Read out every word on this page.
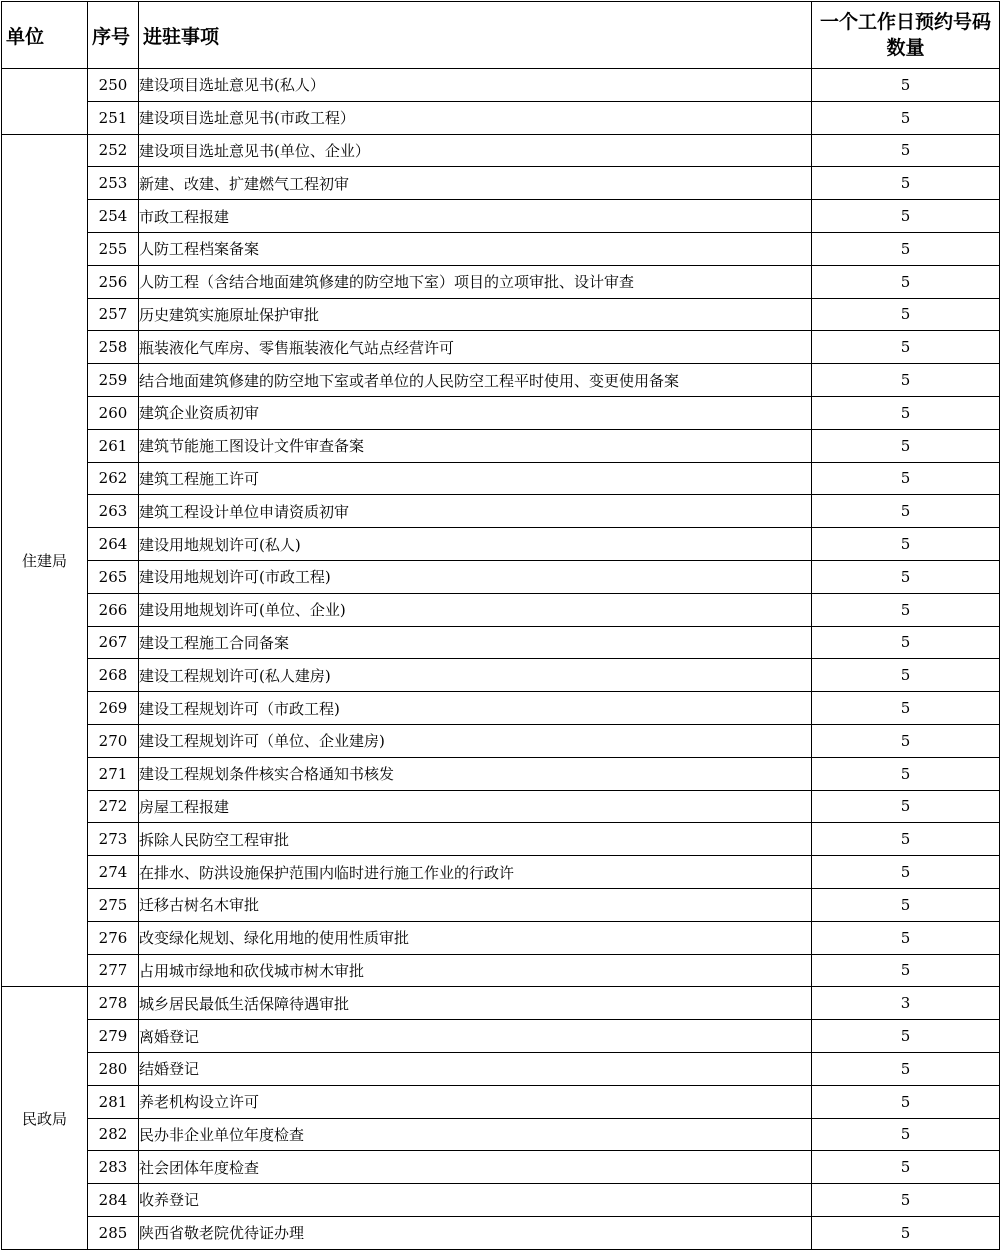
单位	序号	进驻事项	一个工作日预约号码数量
	250	建设项目选址意见书(私人）	5
	251	建设项目选址意见书(市政工程）	5
住建局	252	建设项目选址意见书(单位、企业）	5
	253	新建、改建、扩建燃气工程初审	5
	254	市政工程报建	5
	255	人防工程档案备案	5
	256	人防工程（含结合地面建筑修建的防空地下室）项目的立项审批、设计审查	5
	257	历史建筑实施原址保护审批	5
	258	瓶装液化气库房、零售瓶装液化气站点经营许可	5
	259	结合地面建筑修建的防空地下室或者单位的人民防空工程平时使用、变更使用备案	5
	260	建筑企业资质初审	5
	261	建筑节能施工图设计文件审查备案	5
	262	建筑工程施工许可	5
	263	建筑工程设计单位申请资质初审	5
	264	建设用地规划许可(私人)	5
	265	建设用地规划许可(市政工程)	5
	266	建设用地规划许可(单位、企业)	5
	267	建设工程施工合同备案	5
	268	建设工程规划许可(私人建房)	5
	269	建设工程规划许可（市政工程)	5
	270	建设工程规划许可（单位、企业建房)	5
	271	建设工程规划条件核实合格通知书核发	5
	272	房屋工程报建	5
	273	拆除人民防空工程审批	5
	274	在排水、防洪设施保护范围内临时进行施工作业的行政许	5
	275	迁移古树名木审批	5
	276	改变绿化规划、绿化用地的使用性质审批	5
	277	占用城市绿地和砍伐城市树木审批	5
民政局	278	城乡居民最低生活保障待遇审批	3
	279	离婚登记	5
	280	结婚登记	5
	281	养老机构设立许可	5
	282	民办非企业单位年度检查	5
	283	社会团体年度检查	5
	284	收养登记	5
	285	陕西省敬老院优待证办理	5
